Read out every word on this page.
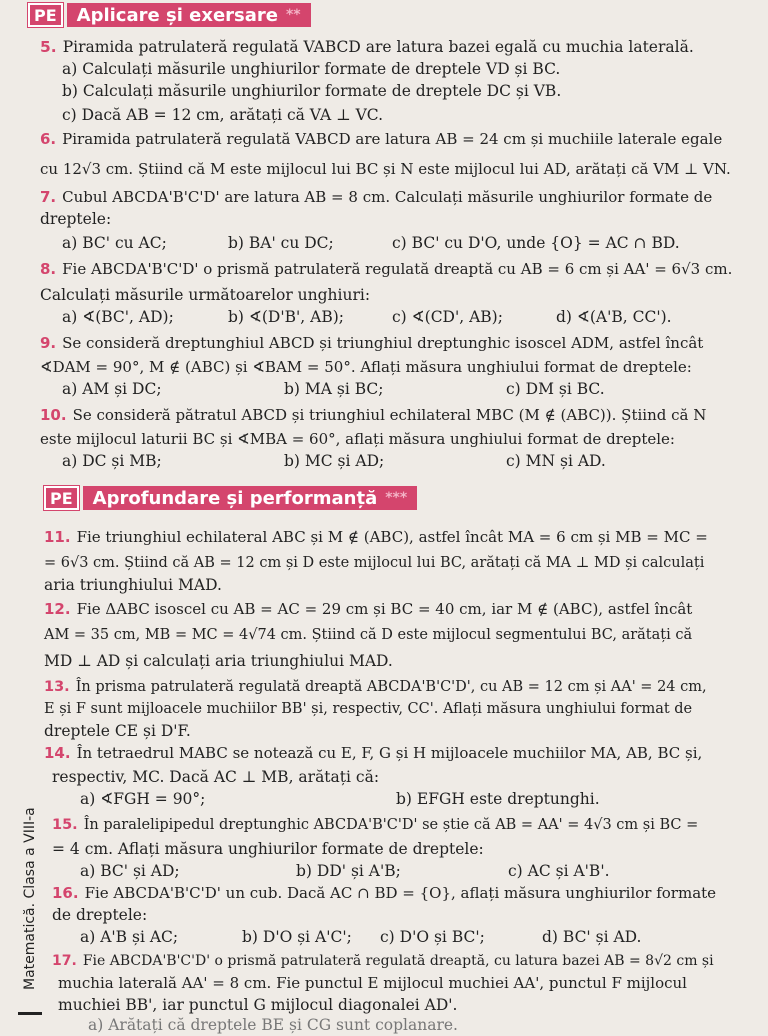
PE	Aplicare și exersare **
5. Piramida patrulateră regulată VABCD are latura bazei egală cu muchia laterală.
a) Calculați măsurile unghiurilor formate de dreptele VD și BC.
b) Calculați măsurile unghiurilor formate de dreptele DC și VB.
c) Dacă AB = 12 cm, arătați că VA ⊥ VC.
6. Piramida patrulateră regulată VABCD are latura AB = 24 cm și muchiile laterale egale
cu 12√3 cm. Știind că M este mijlocul lui BC și N este mijlocul lui AD, arătați că VM ⊥ VN.
7. Cubul ABCDA'B'C'D' are latura AB = 8 cm. Calculați măsurile unghiurilor formate de
dreptele:
a) BC' cu AC;	b) BA' cu DC;	c) BC' cu D'O, unde {O} = AC ∩ BD.
8. Fie ABCDA'B'C'D' o prismă patrulateră regulată dreaptă cu AB = 6 cm și AA' = 6√3 cm.
Calculați măsurile următoarelor unghiuri:
a) ∢(BC', AD);	b) ∢(D'B', AB);	c) ∢(CD', AB);	d) ∢(A'B, CC').
9. Se consideră dreptunghiul ABCD și triunghiul dreptunghic isoscel ADM, astfel încât
∢DAM = 90°, M ∉ (ABC) și ∢BAM = 50°. Aflați măsura unghiului format de dreptele:
a) AM și DC;	b) MA și BC;	c) DM și BC.
10. Se consideră pătratul ABCD și triunghiul echilateral MBC (M ∉ (ABC)). Știind că N
este mijlocul laturii BC și ∢MBA = 60°, aflați măsura unghiului format de dreptele:
a) DC și MB;	b) MC și AD;	c) MN și AD.
PE	Aprofundare și performanță ***
11. Fie triunghiul echilateral ABC și M ∉ (ABC), astfel încât MA = 6 cm și MB = MC =
= 6√3 cm. Știind că AB = 12 cm și D este mijlocul lui BC, arătați că MA ⊥ MD și calculați
aria triunghiului MAD.
12. Fie ΔABC isoscel cu AB = AC = 29 cm și BC = 40 cm, iar M ∉ (ABC), astfel încât
AM = 35 cm, MB = MC = 4√74 cm. Știind că D este mijlocul segmentului BC, arătați că
MD ⊥ AD și calculați aria triunghiului MAD.
13. În prisma patrulateră regulată dreaptă ABCDA'B'C'D', cu AB = 12 cm și AA' = 24 cm,
E și F sunt mijloacele muchiilor BB' și, respectiv, CC'. Aflați măsura unghiului format de
dreptele CE și D'F.
14. În tetraedrul MABC se notează cu E, F, G și H mijloacele muchiilor MA, AB, BC și,
respectiv, MC. Dacă AC ⊥ MB, arătați că:
a) ∢FGH = 90°;	b) EFGH este dreptunghi.
15. În paralelipipedul dreptunghic ABCDA'B'C'D' se știe că AB = AA' = 4√3 cm și BC =
= 4 cm. Aflați măsura unghiurilor formate de dreptele:
a) BC' și AD;	b) DD' și A'B;	c) AC și A'B'.
16. Fie ABCDA'B'C'D' un cub. Dacă AC ∩ BD = {O}, aflați măsura unghiurilor formate
de dreptele:
a) A'B și AC;	b) D'O și A'C';	c) D'O și BC';	d) BC' și AD.
17. Fie ABCDA'B'C'D' o prismă patrulateră regulată dreaptă, cu latura bazei AB = 8√2 cm și
muchia laterală AA' = 8 cm. Fie punctul E mijlocul muchiei AA', punctul F mijlocul
muchiei BB', iar punctul G mijlocul diagonalei AD'.
a) Arătați că dreptele BE și CG sunt coplanare.
Matematică. Clasa a VIII-a
